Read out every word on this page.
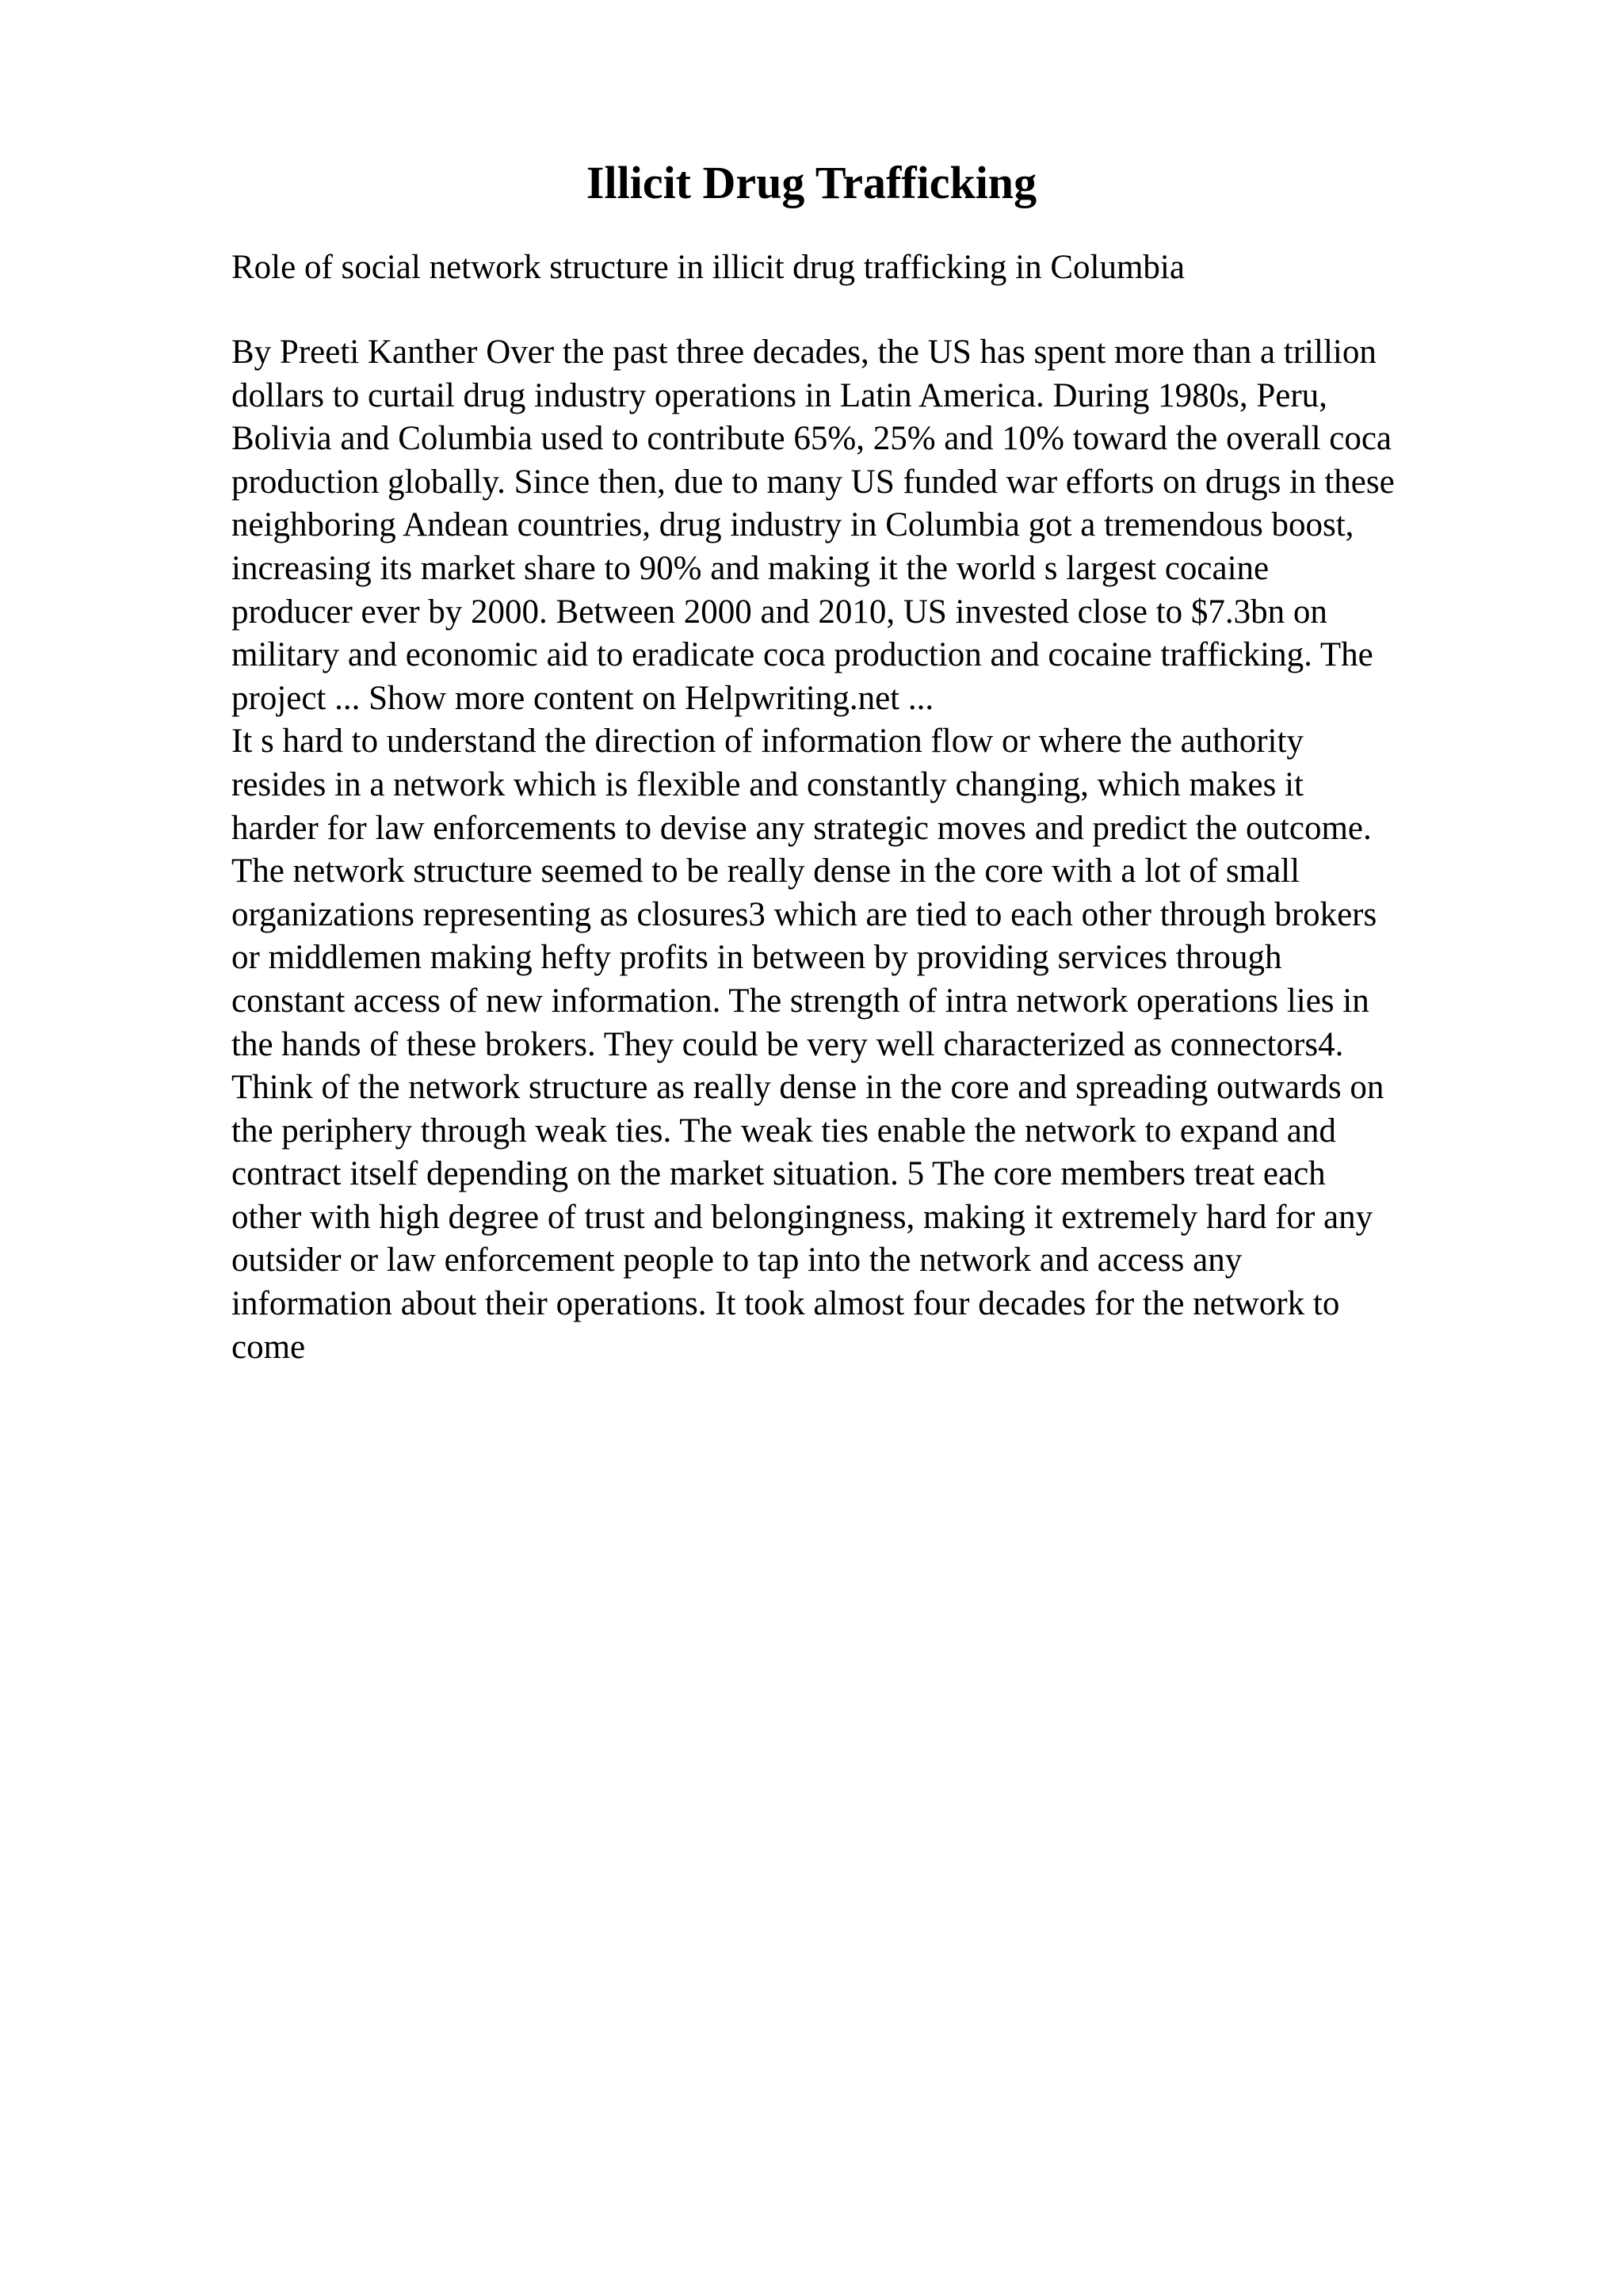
Illicit Drug Trafficking

Role of social network structure in illicit drug trafficking in Columbia

By Preeti Kanther Over the past three decades, the US has spent more than a trillion
dollars to curtail drug industry operations in Latin America. During 1980s, Peru,
Bolivia and Columbia used to contribute 65%, 25% and 10% toward the overall coca
production globally. Since then, due to many US funded war efforts on drugs in these
neighboring Andean countries, drug industry in Columbia got a tremendous boost,
increasing its market share to 90% and making it the world s largest cocaine
producer ever by 2000. Between 2000 and 2010, US invested close to $7.3bn on
military and economic aid to eradicate coca production and cocaine trafficking. The
project ... Show more content on Helpwriting.net ...
It s hard to understand the direction of information flow or where the authority
resides in a network which is flexible and constantly changing, which makes it
harder for law enforcements to devise any strategic moves and predict the outcome.
The network structure seemed to be really dense in the core with a lot of small
organizations representing as closures3 which are tied to each other through brokers
or middlemen making hefty profits in between by providing services through
constant access of new information. The strength of intra network operations lies in
the hands of these brokers. They could be very well characterized as connectors4.
Think of the network structure as really dense in the core and spreading outwards on
the periphery through weak ties. The weak ties enable the network to expand and
contract itself depending on the market situation. 5 The core members treat each
other with high degree of trust and belongingness, making it extremely hard for any
outsider or law enforcement people to tap into the network and access any
information about their operations. It took almost four decades for the network to
come
